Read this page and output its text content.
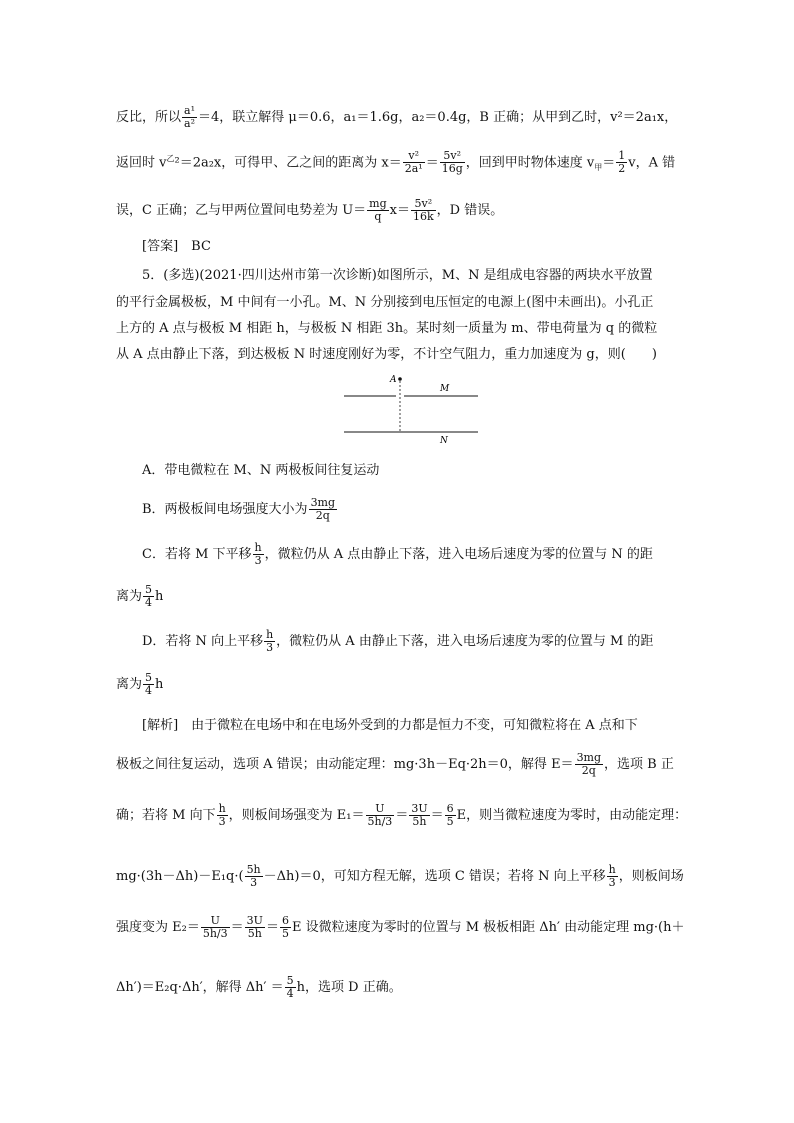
反比，所以 $\frac{\text{a¹}}{\text{a²}} =4$，联立解得 μ＝0.6，a₁＝1.6g，a₂＝0.4g，B 正确；从甲到乙时，v²＝2a₁x，
返回时 $v^乙^2=2a_2x$，可得甲、乙之间的距离为 $x= \frac{\text{v²}}{\text{2a¹}} = \frac{\text{5v²}}{16g}$ ，回到甲时物体速度 $v_甲= \frac{1}{2}$ v，A 错
误，C 正确；乙与甲两位置间电势差为 $U= \frac{mg}{q} x= \frac{\text{5v²}}{16k}$ ，D 错误。
[答案]　BC
5．(多选)(2021·四川达州市第一次诊断)如图所示，M、N 是组成电容器的两块水平放置
的平行金属极板，M 中间有一小孔。M、N 分别接到电压恒定的电源上(图中未画出)。小孔正
上方的 A 点与极板 M 相距 h，与极板 N 相距 3h。某时刻一质量为 m、带电荷量为 q 的微粒
从 A 点由静止下落，到达极板 N 时速度刚好为零，不计空气阻力，重力加速度为 g，则(　　)
A
M
N
A．带电微粒在 M、N 两极板间往复运动
B．两极板间电场强度大小为 $\frac{3mg}{2q}$
C．若将 M 下平移 $\frac{h}{3}$ ，微粒仍从 A 点由静止下落，进入电场后速度为零的位置与 N 的距
离为 $\frac{5}{4}$ h
D．若将 N 向上平移 $\frac{h}{3}$ ，微粒仍从 A 由静止下落，进入电场后速度为零的位置与 M 的距
离为 $\frac{5}{4}$ h
[解析]　由于微粒在电场中和在电场外受到的力都是恒力不变，可知微粒将在 A 点和下
极板之间往复运动，选项 A 错误；由动能定理：mg·3h－Eq·2h＝0，解得 $E= \frac{3mg}{2q}$ ，选项 B 正
确；若将 M 向下 $\frac{h}{3}$ ，则板间场强变为 $E_1= \frac{U}{5h/3} = \frac{3U}{5h} = \frac{6}{5}$ E，则当微粒速度为零时，由动能定理：
$mg\cdot(3h-\Delta h)-E_1q\cdot( \frac{5h}{3} -\Delta h)=0$，可知方程无解，选项 C 错误；若将 N 向上平移 $\frac{h}{3}$ ，则板间场
强度变为 $E_2= \frac{U}{5h/3} = \frac{3U}{5h} = \frac{6}{5}$ E 设微粒速度为零时的位置与 M 极板相距 Δh′ 由动能定理 mg·(h＋
Δh′)＝E₂q·Δh′，解得 $\Delta h' = \frac{5}{4}$ h，选项 D 正确。
